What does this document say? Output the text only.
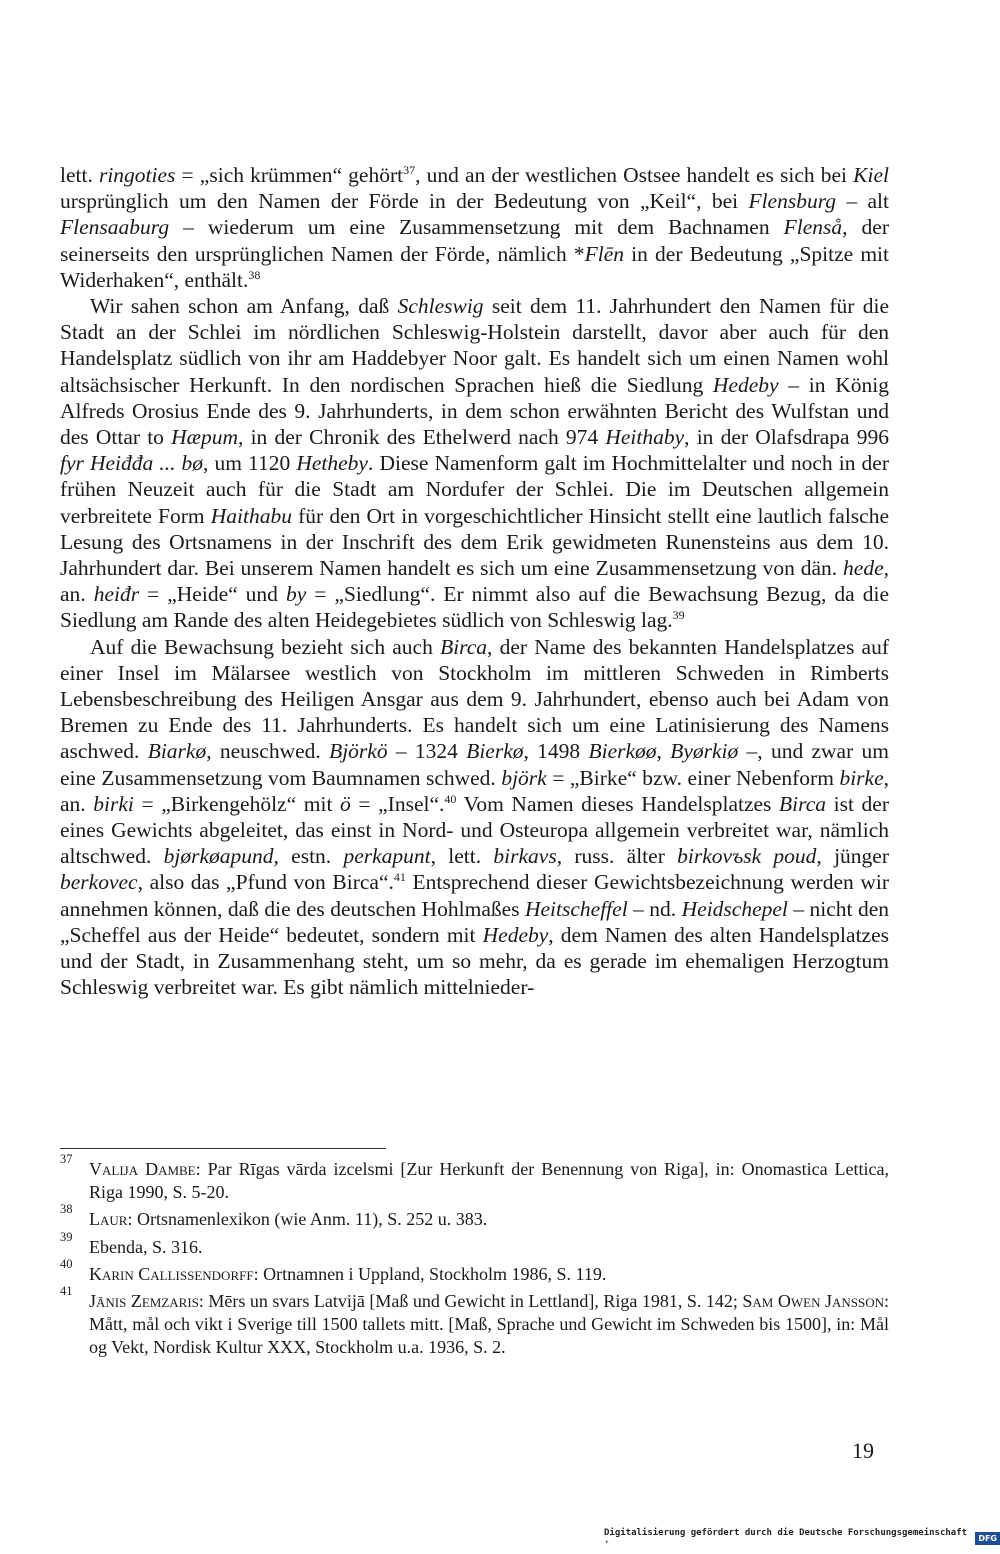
lett. ringoties = „sich krümmen“ gehört$^{37}$, und an der westlichen Ostsee handelt es sich bei Kiel ursprünglich um den Namen der Förde in der Bedeutung von „Keil“, bei Flensburg – alt Flensaaburg – wiederum um eine Zusammensetzung mit dem Bachnamen Flenså, der seinerseits den ursprünglichen Namen der Förde, nämlich *Flēn in der Bedeutung „Spitze mit Widerhaken“, enthält.$^{38}$

Wir sahen schon am Anfang, daß Schleswig seit dem 11. Jahrhundert den Namen für die Stadt an der Schlei im nördlichen Schleswig-Holstein darstellt, davor aber auch für den Handelsplatz südlich von ihr am Haddebyer Noor galt. Es handelt sich um einen Namen wohl altsächsischer Herkunft. In den nordischen Sprachen hieß die Siedlung Hedeby – in König Alfreds Orosius Ende des 9. Jahrhunderts, in dem schon erwähnten Bericht des Wulfstan und des Ottar to Hæpum, in der Chronik des Ethelwerd nach 974 Heithaby, in der Olafsdrapa 996 fyr Heiđđa ... bø, um 1120 Hetheby. Diese Namenform galt im Hochmittelalter und noch in der frühen Neuzeit auch für die Stadt am Nordufer der Schlei. Die im Deutschen allgemein verbreitete Form Haithabu für den Ort in vorgeschichtlicher Hinsicht stellt eine lautlich falsche Lesung des Ortsnamens in der Inschrift des dem Erik gewidmeten Runensteins aus dem 10. Jahrhundert dar. Bei unserem Namen handelt es sich um eine Zusammensetzung von dän. hede, an. heiđr = „Heide“ und by = „Siedlung“. Er nimmt also auf die Bewachsung Bezug, da die Siedlung am Rande des alten Heidegebietes südlich von Schleswig lag.$^{39}$

Auf die Bewachsung bezieht sich auch Birca, der Name des bekannten Handelsplatzes auf einer Insel im Mälarsee westlich von Stockholm im mittleren Schweden in Rimberts Lebensbeschreibung des Heiligen Ansgar aus dem 9. Jahrhundert, ebenso auch bei Adam von Bremen zu Ende des 11. Jahrhunderts. Es handelt sich um eine Latinisierung des Namens aschwed. Biarkø, neuschwed. Björkö – 1324 Bierkø, 1498 Bierkøø, Byørkiø –, und zwar um eine Zusammensetzung vom Baumnamen schwed. björk = „Birke“ bzw. einer Nebenform birke, an. birki = „Birkengehölz“ mit ö = „Insel“.$^{40}$ Vom Namen dieses Handelsplatzes Birca ist der eines Gewichts abgeleitet, das einst in Nord- und Osteuropa allgemein verbreitet war, nämlich altschwed. bjørkøapund, estn. perkapunt, lett. birkavs, russ. älter birkovъsk poud, jünger berkovec, also das „Pfund von Birca“.$^{41}$ Entsprechend dieser Gewichtsbezeichnung werden wir annehmen können, daß die des deutschen Hohlmaßes Heitscheffel – nd. Heidschepel – nicht den „Scheffel aus der Heide“ bedeutet, sondern mit Hedeby, dem Namen des alten Handelsplatzes und der Stadt, in Zusammenhang steht, um so mehr, da es gerade im ehemaligen Herzogtum Schleswig verbreitet war. Es gibt nämlich mittelnieder-

37 Valija Dambe: Par Rīgas vārda izcelsmi [Zur Herkunft der Benennung von Riga], in: Onomastica Lettica, Riga 1990, S. 5-20.
38 Laur: Ortsnamenlexikon (wie Anm. 11), S. 252 u. 383.
39 Ebenda, S. 316.
40 Karin Callissendorff: Ortnamnen i Uppland, Stockholm 1986, S. 119.
41 Jānis Zemzaris: Mērs un svars Latvijā [Maß und Gewicht in Lettland], Riga 1981, S. 142; Sam Owen Jansson: Mått, mål och vikt i Sverige till 1500 tallets mitt. [Maß, Sprache und Gewicht im Schweden bis 1500], in: Mål og Vekt, Nordisk Kultur XXX, Stockholm u.a. 1936, S. 2.
19
Digitalisierung gefördert durch die Deutsche Forschungsgemeinschaft ·	DFG
